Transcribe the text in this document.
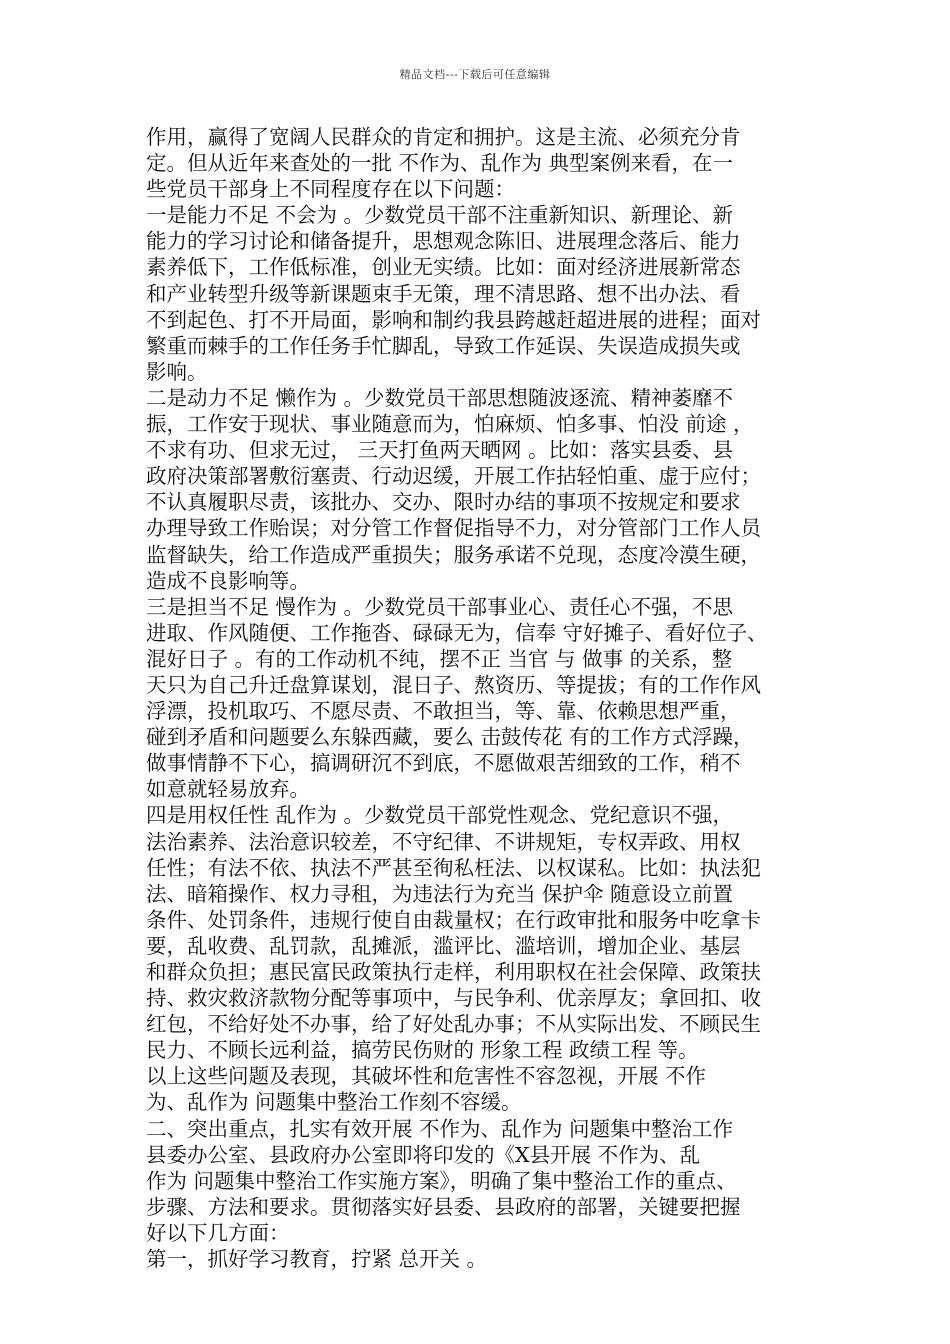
精品文档---下载后可任意编辑
作用，赢得了宽阔人民群众的肯定和拥护。这是主流、必须充分肯
定。但从近年来查处的一批 不作为、乱作为 典型案例来看，在一
些党员干部身上不同程度存在以下问题：
一是能力不足 不会为 。少数党员干部不注重新知识、新理论、新
能力的学习讨论和储备提升，思想观念陈旧、进展理念落后、能力
素养低下，工作低标准，创业无实绩。比如：面对经济进展新常态
和产业转型升级等新课题束手无策，理不清思路、想不出办法、看
不到起色、打不开局面，影响和制约我县跨越赶超进展的进程；面对
繁重而棘手的工作任务手忙脚乱，导致工作延误、失误造成损失或
影响。
二是动力不足 懒作为 。少数党员干部思想随波逐流、精神萎靡不
振，工作安于现状、事业随意而为，怕麻烦、怕多事、怕没 前途 ，
不求有功、但求无过， 三天打鱼两天晒网 。比如：落实县委、县
政府决策部署敷衍塞责、行动迟缓，开展工作拈轻怕重、虚于应付；
不认真履职尽责，该批办、交办、限时办结的事项不按规定和要求
办理导致工作贻误；对分管工作督促指导不力，对分管部门工作人员
监督缺失，给工作造成严重损失；服务承诺不兑现，态度冷漠生硬，
造成不良影响等。
三是担当不足 慢作为 。少数党员干部事业心、责任心不强，不思
进取、作风随便、工作拖沓、碌碌无为，信奉 守好摊子、看好位子、
混好日子 。有的工作动机不纯，摆不正 当官 与 做事 的关系，整
天只为自己升迁盘算谋划，混日子、熬资历、等提拔；有的工作作风
浮漂，投机取巧、不愿尽责、不敢担当，等、靠、依赖思想严重，
碰到矛盾和问题要么东躲西藏，要么 击鼓传花 有的工作方式浮躁，
做事情静不下心，搞调研沉不到底，不愿做艰苦细致的工作，稍不
如意就轻易放弃。
四是用权任性 乱作为 。少数党员干部党性观念、党纪意识不强，
法治素养、法治意识较差，不守纪律、不讲规矩，专权弄政、用权
任性；有法不依、执法不严甚至徇私枉法、以权谋私。比如：执法犯
法、暗箱操作、权力寻租，为违法行为充当 保护伞 随意设立前置
条件、处罚条件，违规行使自由裁量权；在行政审批和服务中吃拿卡
要，乱收费、乱罚款，乱摊派，滥评比、滥培训，增加企业、基层
和群众负担；惠民富民政策执行走样，利用职权在社会保障、政策扶
持、救灾救济款物分配等事项中，与民争利、优亲厚友；拿回扣、收
红包，不给好处不办事，给了好处乱办事；不从实际出发、不顾民生
民力、不顾长远利益，搞劳民伤财的 形象工程 政绩工程 等。
以上这些问题及表现，其破坏性和危害性不容忽视，开展 不作
为、乱作为 问题集中整治工作刻不容缓。
二、突出重点，扎实有效开展 不作为、乱作为 问题集中整治工作
县委办公室、县政府办公室即将印发的《X县开展 不作为、乱
作为 问题集中整治工作实施方案》，明确了集中整治工作的重点、
步骤、方法和要求。贯彻落实好县委、县政府的部署，关键要把握
好以下几方面：
第一，抓好学习教育，拧紧 总开关 。
